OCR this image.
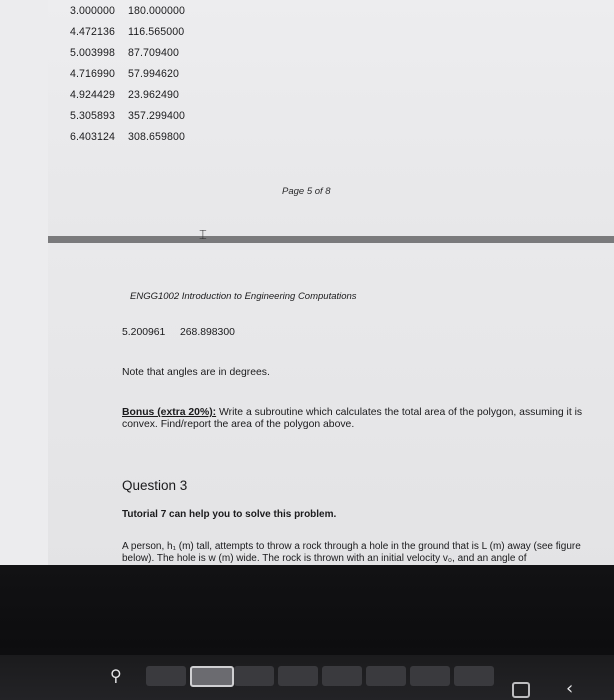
3.000000 180.000000
4.472136 116.565000
5.003998 87.709400
4.716990 57.994620
4.924429 23.962490
5.305893 357.299400
6.403124 308.659800
Page 5 of 8
⌶
ENGG1002 Introduction to Engineering Computations
5.200961 268.898300
Note that angles are in degrees.
Bonus (extra 20%): Write a subroutine which calculates the total area of the polygon, assuming it is convex. Find/report the area of the polygon above.
Question 3
Tutorial 7 can help you to solve this problem.
A person, h₁ (m) tall, attempts to throw a rock through a hole in the ground that is L (m) away (see figure below). The hole is w (m) wide. The rock is thrown with an initial velocity v₀, and an angle of
⚲
‹
